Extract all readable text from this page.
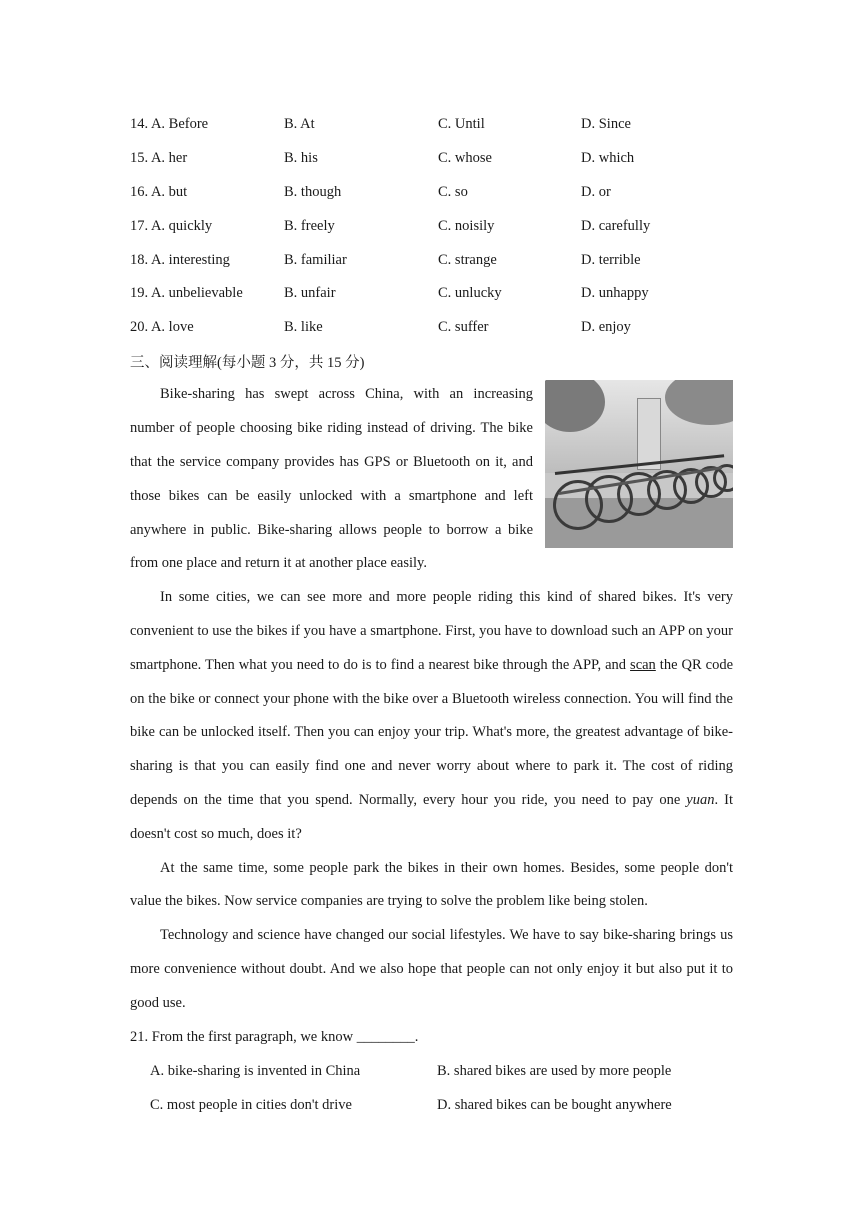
14. A. Before	B. At	C. Until	D. Since
15. A. her	B. his	C. whose	D. which
16. A. but	B. though	C. so	D. or
17. A. quickly	B. freely	C. noisily	D. carefully
18. A. interesting	B. familiar	C. strange	D. terrible
19. A. unbelievable	B. unfair	C. unlucky	D. unhappy
20. A. love	B. like	C. suffer	D. enjoy
三、阅读理解(每小题 3 分，共 15 分)

Bike-sharing has swept across China, with an increasing number of people choosing bike riding instead of driving. The bike that the service company provides has GPS or Bluetooth on it, and those bikes can be easily unlocked with a smartphone and left anywhere in public. Bike-sharing allows people to borrow a bike from one place and return it at another place easily.

In some cities, we can see more and more people riding this kind of shared bikes. It's very convenient to use the bikes if you have a smartphone. First, you have to download such an APP on your smartphone. Then what you need to do is to find a nearest bike through the APP, and scan the QR code on the bike or connect your phone with the bike over a Bluetooth wireless connection. You will find the bike can be unlocked itself. Then you can enjoy your trip. What's more, the greatest advantage of bike-sharing is that you can easily find one and never worry about where to park it. The cost of riding depends on the time that you spend. Normally, every hour you ride, you need to pay one yuan. It doesn't cost so much, does it?

At the same time, some people park the bikes in their own homes. Besides, some people don't value the bikes. Now service companies are trying to solve the problem like being stolen.

Technology and science have changed our social lifestyles. We have to say bike-sharing brings us more convenience without doubt. And we also hope that people can not only enjoy it but also put it to good use.

21. From the first paragraph, we know ________.
A. bike-sharing is invented in China	B. shared bikes are used by more people
C. most people in cities don't drive	D. shared bikes can be bought anywhere
